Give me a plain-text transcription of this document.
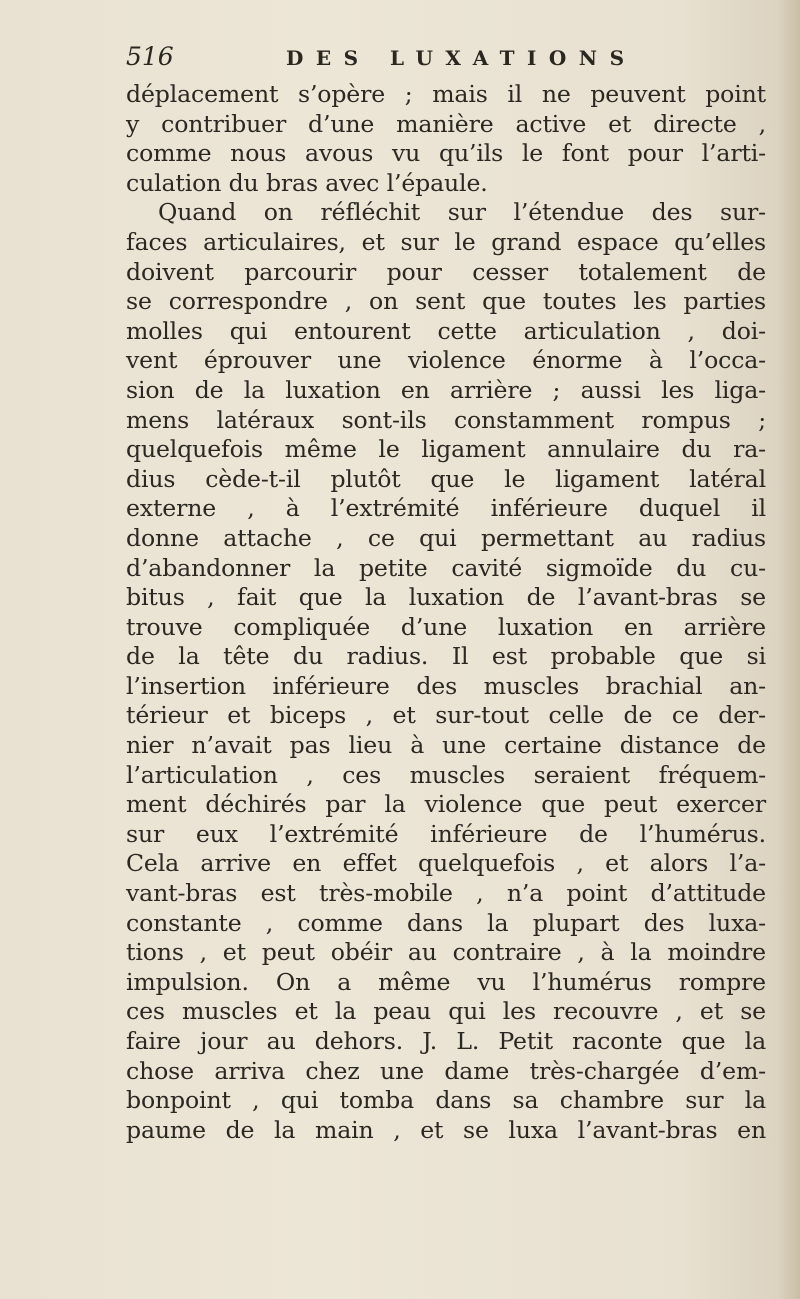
516	DES LUXATIONS
déplacement s’opère ; mais il ne peuvent point
y contribuer d’une manière active et directe ,
comme nous avous vu qu’ils le font pour l’arti-
culation du bras avec l’épaule.
Quand on réfléchit sur l’étendue des sur-
faces articulaires, et sur le grand espace qu’elles
doivent parcourir pour cesser totalement de
se correspondre , on sent que toutes les parties
molles qui entourent cette articulation , doi-
vent éprouver une violence énorme à l’occa-
sion de la luxation en arrière ; aussi les liga-
mens latéraux sont-ils constamment rompus ;
quelquefois même le ligament annulaire du ra-
dius cède-t-il plutôt que le ligament latéral
externe , à l’extrémité inférieure duquel il
donne attache , ce qui permettant au radius
d’abandonner la petite cavité sigmoïde du cu-
bitus , fait que la luxation de l’avant-bras se
trouve compliquée d’une luxation en arrière
de la tête du radius. Il est probable que si
l’insertion inférieure des muscles brachial an-
térieur et biceps , et sur-tout celle de ce der-
nier n’avait pas lieu à une certaine distance de
l’articulation , ces muscles seraient fréquem-
ment déchirés par la violence que peut exercer
sur eux l’extrémité inférieure de l’humérus.
Cela arrive en effet quelquefois , et alors l’a-
vant-bras est très-mobile , n’a point d’attitude
constante , comme dans la plupart des luxa-
tions , et peut obéir au contraire , à la moindre
impulsion. On a même vu l’humérus rompre
ces muscles et la peau qui les recouvre , et se
faire jour au dehors. J. L. Petit raconte que la
chose arriva chez une dame très-chargée d’em-
bonpoint , qui tomba dans sa chambre sur la
paume de la main , et se luxa l’avant-bras en
